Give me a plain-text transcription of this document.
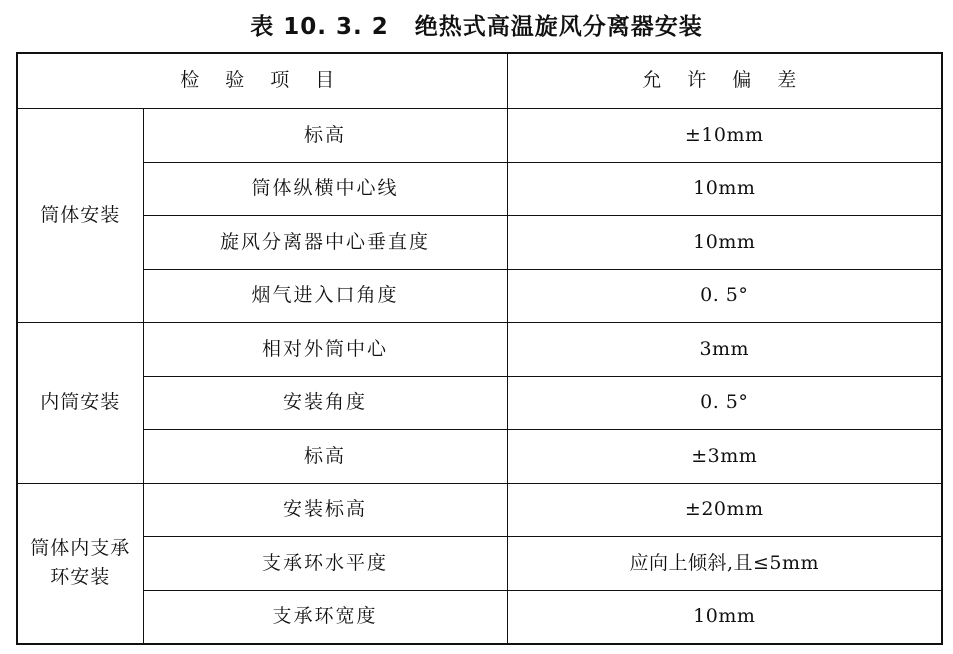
表 10. 3. 2 绝热式高温旋风分离器安装
检 验 项 目		允 许 偏 差
筒体安装	标高	±10mm
	筒体纵横中心线	10mm
	旋风分离器中心垂直度	10mm
	烟气进入口角度	0. 5°
内筒安装	相对外筒中心	3mm
	安装角度	0. 5°
	标高	±3mm
筒体内支承环安装	安装标高	±20mm
	支承环水平度	应向上倾斜,且≤5mm
	支承环宽度	10mm
